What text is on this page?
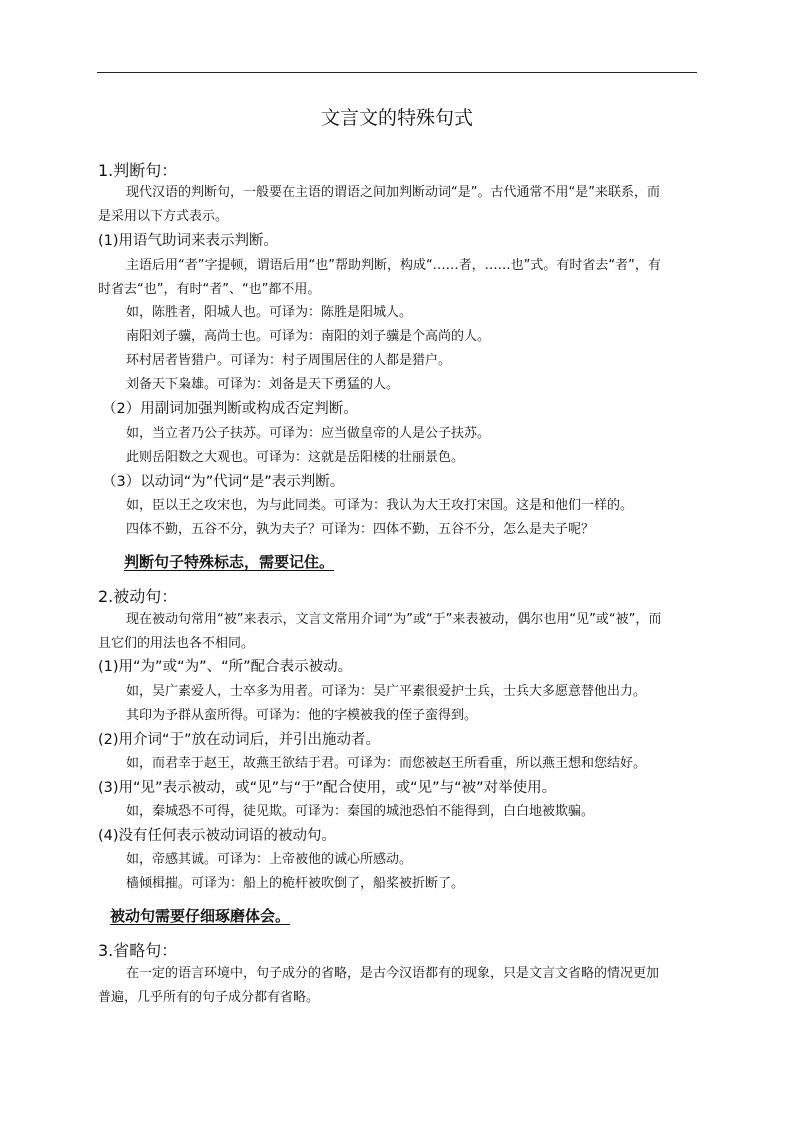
文言文的特殊句式
1.判断句：
现代汉语的判断句，一般要在主语的谓语之间加判断动词“是”。古代通常不用“是”来联系，而
是采用以下方式表示。
(1)用语气助词来表示判断。
主语后用“者”字提顿，谓语后用“也”帮助判断，构成“……者，……也”式。有时省去“者”，有
时省去“也”，有时“者”、“也”都不用。
如，陈胜者，阳城人也。可译为：陈胜是阳城人。
南阳刘子骥，高尚士也。可译为：南阳的刘子骥是个高尚的人。
环村居者皆猎户。可译为：村子周围居住的人都是猎户。
刘备天下枭雄。可译为：刘备是天下勇猛的人。
（2）用副词加强判断或构成否定判断。
如，当立者乃公子扶苏。可译为：应当做皇帝的人是公子扶苏。
此则岳阳数之大观也。可译为：这就是岳阳楼的壮丽景色。
（3）以动词“为”代词“是”表示判断。
如，臣以王之攻宋也，为与此同类。可译为：我认为大王攻打宋国。这是和他们一样的。
四体不勤，五谷不分，孰为夫子？可译为：四体不勤，五谷不分，怎么是夫子呢？
判断句子特殊标志，需要记住。
2.被动句：
现在被动句常用“被”来表示，文言文常用介词“为”或“于”来表被动，偶尔也用“见”或“被”，而
且它们的用法也各不相同。
(1)用“为”或“为”、“所”配合表示被动。
如，吴广素爱人，士卒多为用者。可译为：吴广平素很爱护士兵，士兵大多愿意替他出力。
其印为予群从蛮所得。可译为：他的字模被我的侄子蛮得到。
(2)用介词“于”放在动词后，并引出施动者。
如，而君幸于赵王，故燕王欲结于君。可译为：而您被赵王所看重，所以燕王想和您结好。
(3)用“见”表示被动，或“见”与“于”配合使用，或“见”与“被”对举使用。
如，秦城恐不可得，徒见欺。可译为：秦国的城池恐怕不能得到，白白地被欺骗。
(4)没有任何表示被动词语的被动句。
如，帝感其诚。可译为：上帝被他的诚心所感动。
樯倾楫摧。可译为：船上的桅杆被吹倒了，船桨被折断了。
被动句需要仔细琢磨体会。
3.省略句：
在一定的语言环境中，句子成分的省略，是古今汉语都有的现象，只是文言文省略的情况更加
普遍，几乎所有的句子成分都有省略。
